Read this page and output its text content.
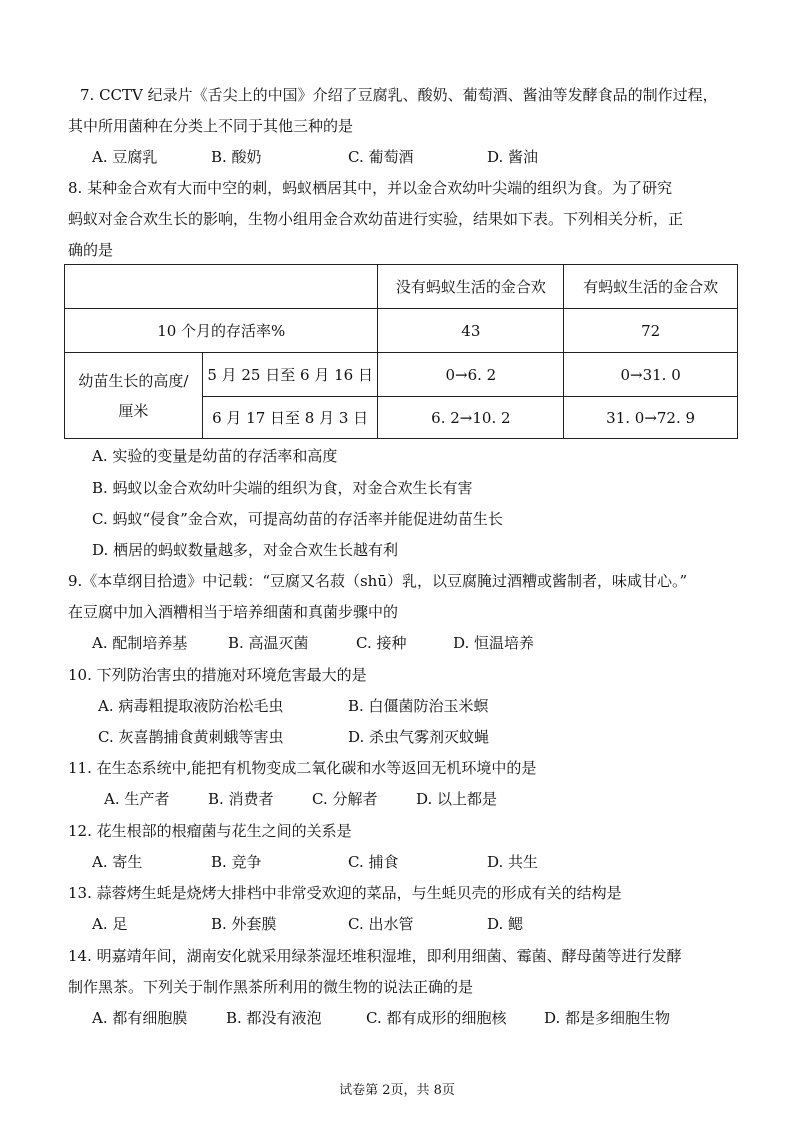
7. CCTV 纪录片《舌尖上的中国》介绍了豆腐乳、酸奶、葡萄酒、酱油等发酵食品的制作过程，
其中所用菌种在分类上不同于其他三种的是
A. 豆腐乳	B. 酸奶	C. 葡萄酒	D. 酱油
8. 某种金合欢有大而中空的刺，蚂蚁栖居其中，并以金合欢幼叶尖端的组织为食。为了研究
蚂蚁对金合欢生长的影响，生物小组用金合欢幼苗进行实验，结果如下表。下列相关分析，正
确的是
		没有蚂蚁生活的金合欢	有蚂蚁生活的金合欢
10 个月的存活率%		43	72

幼苗生长的高度/
厘米	5 月 25 日至 6 月 16 日	0→6. 2	0→31. 0
	6 月 17 日至 8 月 3 日	6. 2→10. 2	31. 0→72. 9
A. 实验的变量是幼苗的存活率和高度
B. 蚂蚁以金合欢幼叶尖端的组织为食，对金合欢生长有害
C. 蚂蚁“侵食”金合欢，可提高幼苗的存活率并能促进幼苗生长
D. 栖居的蚂蚁数量越多，对金合欢生长越有利
9.《本草纲目拾遗》中记载：“豆腐又名菽（shū）乳，以豆腐腌过酒糟或酱制者，味咸甘心。”
在豆腐中加入酒糟相当于培养细菌和真菌步骤中的
A. 配制培养基	B. 高温灭菌	C. 接种	D. 恒温培养
10. 下列防治害虫的措施对环境危害最大的是
A. 病毒粗提取液防治松毛虫	B. 白僵菌防治玉米螟
C. 灰喜鹊捕食黄刺蛾等害虫	D. 杀虫气雾剂灭蚊蝇
11. 在生态系统中,能把有机物变成二氧化碳和水等返回无机环境中的是
A. 生产者	B. 消费者	C. 分解者	D. 以上都是
12. 花生根部的根瘤菌与花生之间的关系是
A. 寄生	B. 竞争	C. 捕食	D. 共生
13. 蒜蓉烤生蚝是烧烤大排档中非常受欢迎的菜品，与生蚝贝壳的形成有关的结构是
A. 足	B. 外套膜	C. 出水管	D. 鳃
14. 明嘉靖年间，湖南安化就采用绿茶湿坯堆积湿堆，即利用细菌、霉菌、酵母菌等进行发酵
制作黑茶。下列关于制作黑茶所利用的微生物的说法正确的是
A. 都有细胞膜	B. 都没有液泡	C. 都有成形的细胞核	D. 都是多细胞生物
试卷第 2页，共 8页
